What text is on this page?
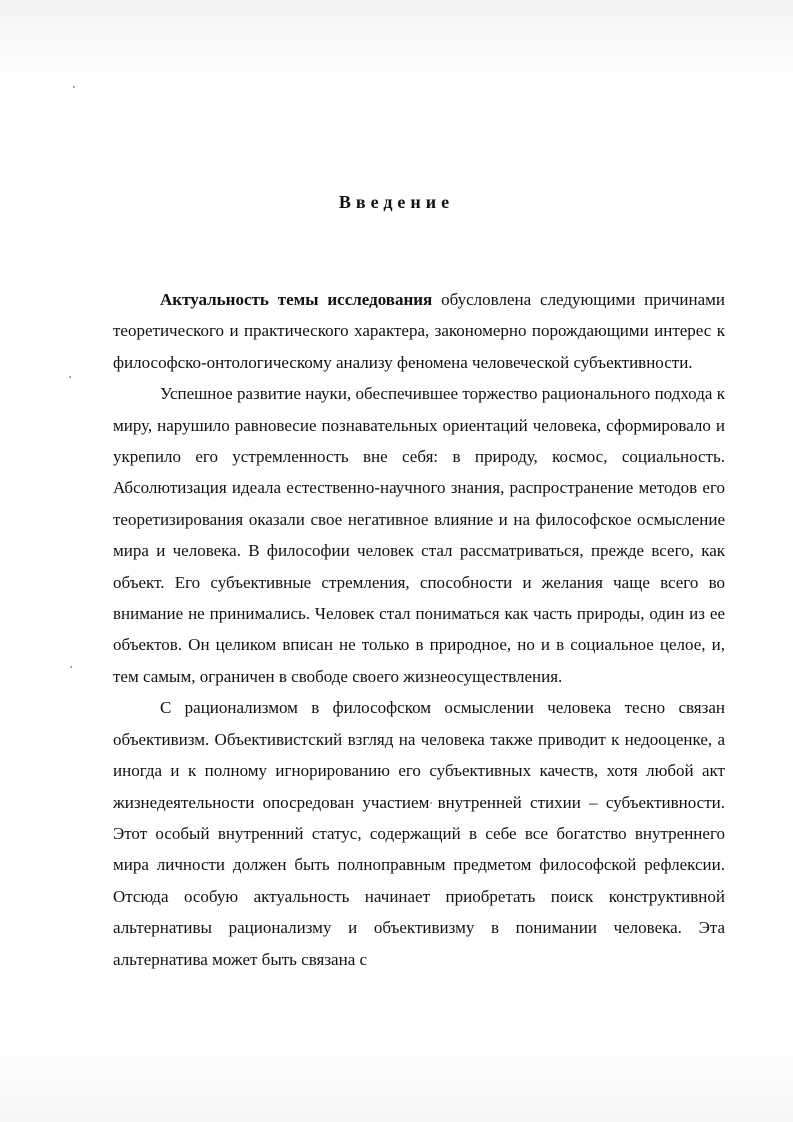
Введение

Актуальность темы исследования обусловлена следующими причинами теоретического и практического характера, закономерно порождающими интерес к философско-онтологическому анализу феномена человеческой субъективности.

Успешное развитие науки, обеспечившее торжество рационального подхода к миру, нарушило равновесие познавательных ориентаций человека, сформировало и укрепило его устремленность вне себя: в природу, космос, социальность. Абсолютизация идеала естественно-научного знания, распространение методов его теоретизирования оказали свое негативное влияние и на философское осмысление мира и человека. В философии человек стал рассматриваться, прежде всего, как объект. Его субъективные стремления, способности и желания чаще всего во внимание не принимались. Человек стал пониматься как часть природы, один из ее объектов. Он целиком вписан не только в природное, но и в социальное целое, и, тем самым, ограничен в свободе своего жизнеосуществления.

С рационализмом в философском осмыслении человека тесно связан объективизм. Объективистский взгляд на человека также приводит к недооценке, а иногда и к полному игнорированию его субъективных качеств, хотя любой акт жизнедеятельности опосредован участием внутренней стихии – субъективности. Этот особый внутренний статус, содержащий в себе все богатство внутреннего мира личности должен быть полноправным предметом философской рефлексии. Отсюда особую актуальность начинает приобретать поиск конструктивной альтернативы рационализму и объективизму в понимании человека. Эта альтернатива может быть связана с
